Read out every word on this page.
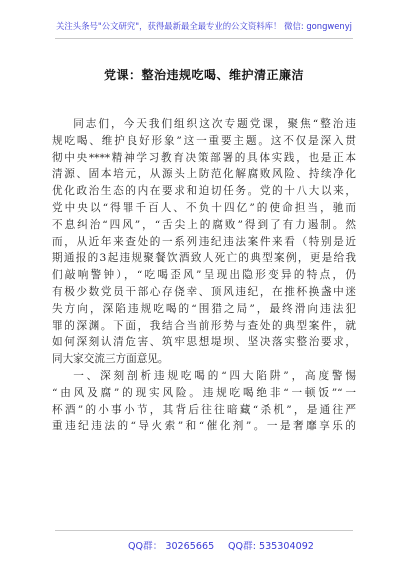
关注头条号"公文研究"，获得最新最全最专业的公文资料库！ 微信: gongwenyj
党课：整治违规吃喝、维护清正廉洁
同志们，今天我们组织这次专题党课，聚焦“整治违
规吃喝、维护良好形象”这一重要主题。这不仅是深入贯
彻中央****精神学习教育决策部署的具体实践，也是正本
清源、固本培元，从源头上防范化解腐败风险、持续净化
优化政治生态的内在要求和迫切任务。党的十八大以来，
党中央以“得罪千百人、不负十四亿”的使命担当，驰而
不息纠治“四风”，“舌尖上的腐败”得到了有力遏制。然
而，从近年来查处的一系列违纪违法案件来看（特别是近
期通报的3起违规聚餐饮酒致人死亡的典型案例，更是给我
们敲响警钟），“吃喝歪风”呈现出隐形变异的特点，仍
有极少数党员干部心存侥幸、顶风违纪，在推杯换盏中迷
失方向，深陷违规吃喝的“围猎之局”，最终滑向违法犯
罪的深渊。下面，我结合当前形势与查处的典型案件，就
如何深刻认清危害、筑牢思想堤坝、坚决落实整治要求，
同大家交流三方面意见。
一、深刻剖析违规吃喝的“四大陷阱”，高度警惕
“由风及腐”的现实风险。违规吃喝绝非“一顿饭”“一
杯酒”的小事小节，其背后往往暗藏“杀机”，是通往严
重违纪违法的“导火索”和“催化剂”。一是奢靡享乐的
QQ群： 30265665 QQ群: 535304092
